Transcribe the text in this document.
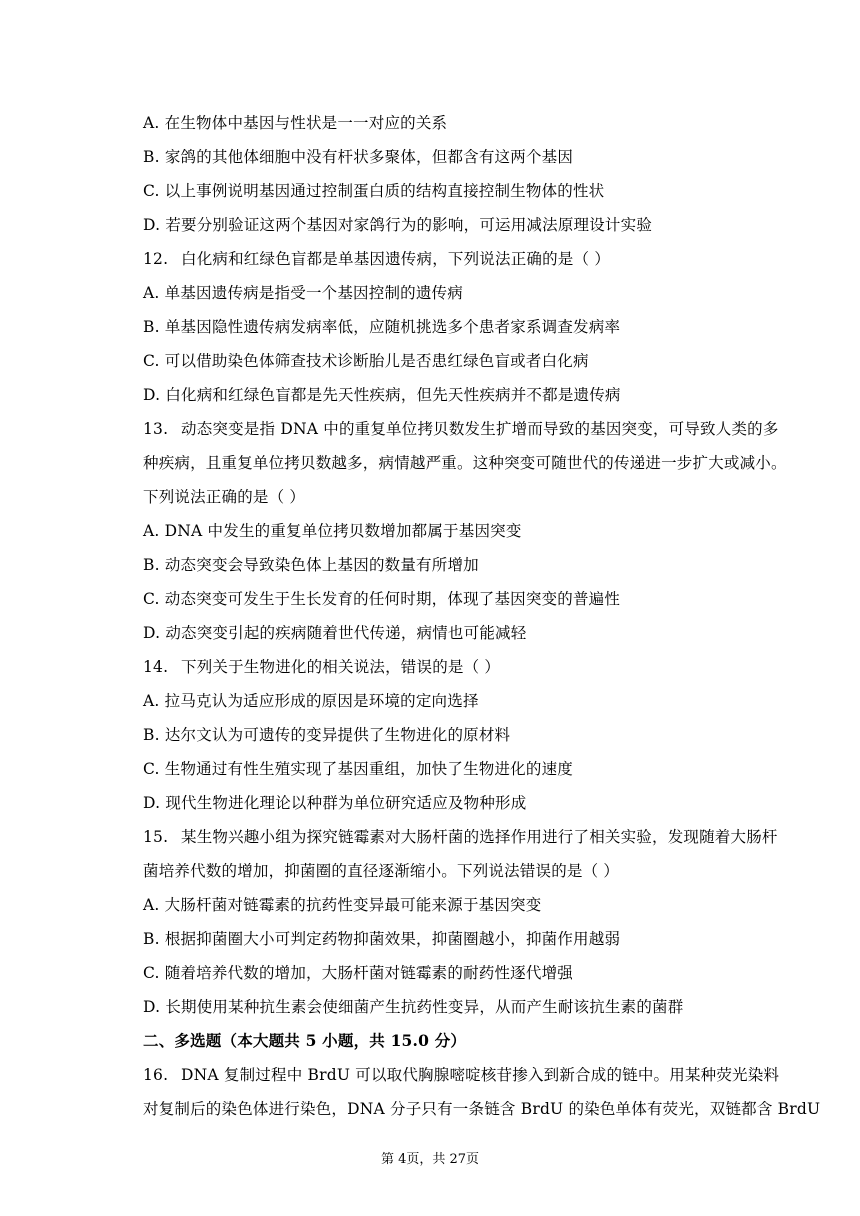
A. 在生物体中基因与性状是一一对应的关系
B. 家鸽的其他体细胞中没有杆状多聚体，但都含有这两个基因
C. 以上事例说明基因通过控制蛋白质的结构直接控制生物体的性状
D. 若要分别验证这两个基因对家鸽行为的影响，可运用减法原理设计实验
12. 白化病和红绿色盲都是单基因遗传病，下列说法正确的是（ ）
A. 单基因遗传病是指受一个基因控制的遗传病
B. 单基因隐性遗传病发病率低，应随机挑选多个患者家系调查发病率
C. 可以借助染色体筛查技术诊断胎儿是否患红绿色盲或者白化病
D. 白化病和红绿色盲都是先天性疾病，但先天性疾病并不都是遗传病
13. 动态突变是指 DNA 中的重复单位拷贝数发生扩增而导致的基因突变，可导致人类的多
种疾病，且重复单位拷贝数越多，病情越严重。这种突变可随世代的传递进一步扩大或减小。
下列说法正确的是（ ）
A. DNA 中发生的重复单位拷贝数增加都属于基因突变
B. 动态突变会导致染色体上基因的数量有所增加
C. 动态突变可发生于生长发育的任何时期，体现了基因突变的普遍性
D. 动态突变引起的疾病随着世代传递，病情也可能减轻
14. 下列关于生物进化的相关说法，错误的是（ ）
A. 拉马克认为适应形成的原因是环境的定向选择
B. 达尔文认为可遗传的变异提供了生物进化的原材料
C. 生物通过有性生殖实现了基因重组，加快了生物进化的速度
D. 现代生物进化理论以种群为单位研究适应及物种形成
15. 某生物兴趣小组为探究链霉素对大肠杆菌的选择作用进行了相关实验，发现随着大肠杆
菌培养代数的增加，抑菌圈的直径逐渐缩小。下列说法错误的是（ ）
A. 大肠杆菌对链霉素的抗药性变异最可能来源于基因突变
B. 根据抑菌圈大小可判定药物抑菌效果，抑菌圈越小，抑菌作用越弱
C. 随着培养代数的增加，大肠杆菌对链霉素的耐药性逐代增强
D. 长期使用某种抗生素会使细菌产生抗药性变异，从而产生耐该抗生素的菌群
二、多选题（本大题共 5 小题，共 15.0 分）
16. DNA 复制过程中 BrdU 可以取代胸腺嘧啶核苷掺入到新合成的链中。用某种荧光染料
对复制后的染色体进行染色，DNA 分子只有一条链含 BrdU 的染色单体有荧光，双链都含 BrdU
第 4页，共 27页
